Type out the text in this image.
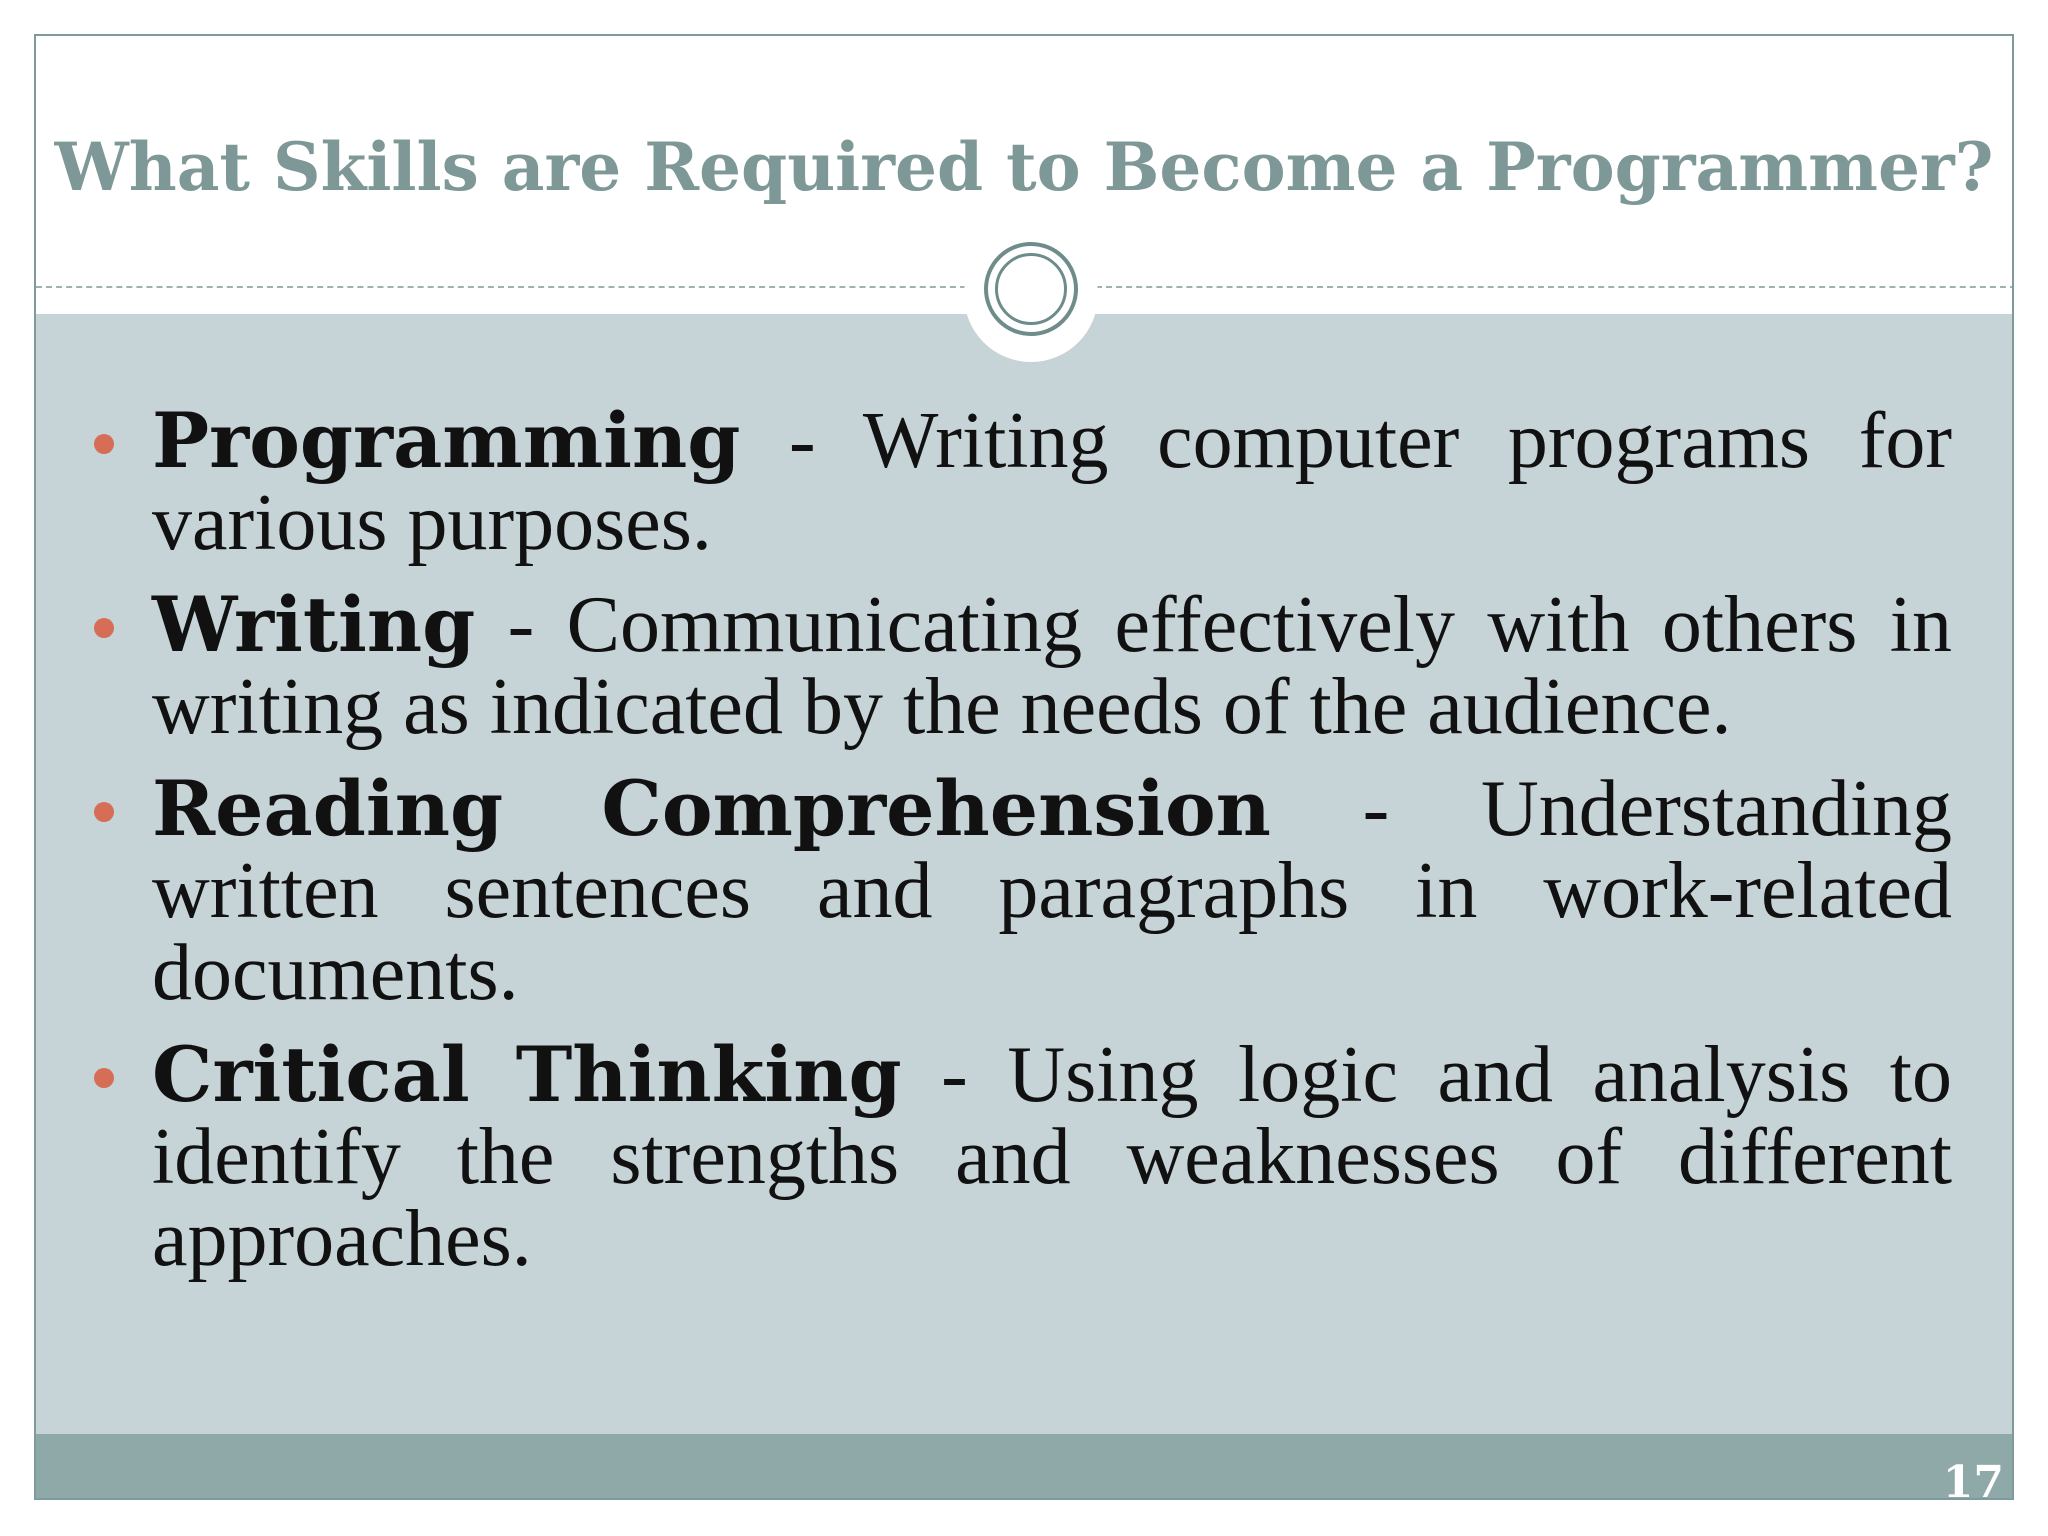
What Skills are Required to Become a Programmer?
Programming - Writing computer programs for various purposes.
Writing - Communicating effectively with others in writing as indicated by the needs of the audience.
Reading Comprehension - Understanding written sentences and paragraphs in work-related documents.
Critical Thinking - Using logic and analysis to identify the strengths and weaknesses of different approaches.
17
